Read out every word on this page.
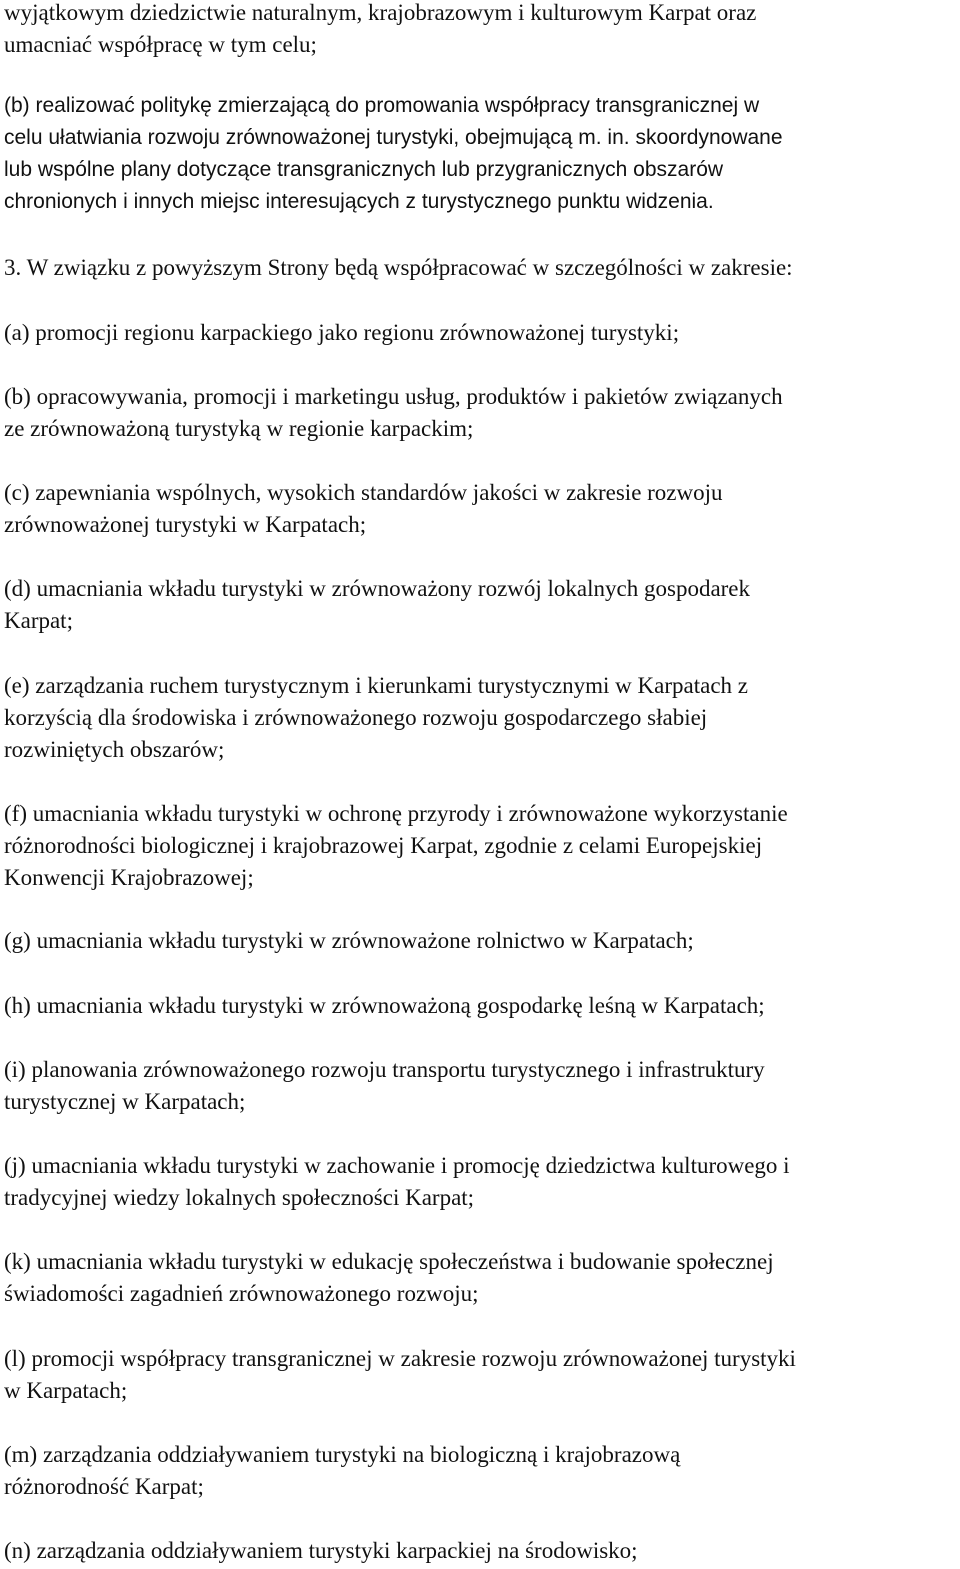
wyjątkowym dziedzictwie naturalnym, krajobrazowym i kulturowym Karpat oraz
umacniać współpracę w tym celu;

(b) realizować politykę zmierzającą do promowania współpracy transgranicznej w
celu ułatwiania rozwoju zrównoważonej turystyki, obejmującą m. in. skoordynowane
lub wspólne plany dotyczące transgranicznych lub przygranicznych obszarów
chronionych i innych miejsc interesujących z turystycznego punktu widzenia.

3. W związku z powyższym Strony będą współpracować w szczególności w zakresie:

(a) promocji regionu karpackiego jako regionu zrównoważonej turystyki;

(b) opracowywania, promocji i marketingu usług, produktów i pakietów związanych
ze zrównoważoną turystyką w regionie karpackim;

(c) zapewniania wspólnych, wysokich standardów jakości w zakresie rozwoju
zrównoważonej turystyki w Karpatach;

(d) umacniania wkładu turystyki w zrównoważony rozwój lokalnych gospodarek
Karpat;

(e) zarządzania ruchem turystycznym i kierunkami turystycznymi w Karpatach z
korzyścią dla środowiska i zrównoważonego rozwoju gospodarczego słabiej
rozwiniętych obszarów;

(f) umacniania wkładu turystyki w ochronę przyrody i zrównoważone wykorzystanie
różnorodności biologicznej i krajobrazowej Karpat, zgodnie z celami Europejskiej
Konwencji Krajobrazowej;

(g) umacniania wkładu turystyki w zrównoważone rolnictwo w Karpatach;

(h) umacniania wkładu turystyki w zrównoważoną gospodarkę leśną w Karpatach;

(i) planowania zrównoważonego rozwoju transportu turystycznego i infrastruktury
turystycznej w Karpatach;

(j) umacniania wkładu turystyki w zachowanie i promocję dziedzictwa kulturowego i
tradycyjnej wiedzy lokalnych społeczności Karpat;

(k) umacniania wkładu turystyki w edukację społeczeństwa i budowanie społecznej
świadomości zagadnień zrównoważonego rozwoju;

(l) promocji współpracy transgranicznej w zakresie rozwoju zrównoważonej turystyki
w Karpatach;

(m) zarządzania oddziaływaniem turystyki na biologiczną i krajobrazową
różnorodność Karpat;

(n) zarządzania oddziaływaniem turystyki karpackiej na środowisko;
